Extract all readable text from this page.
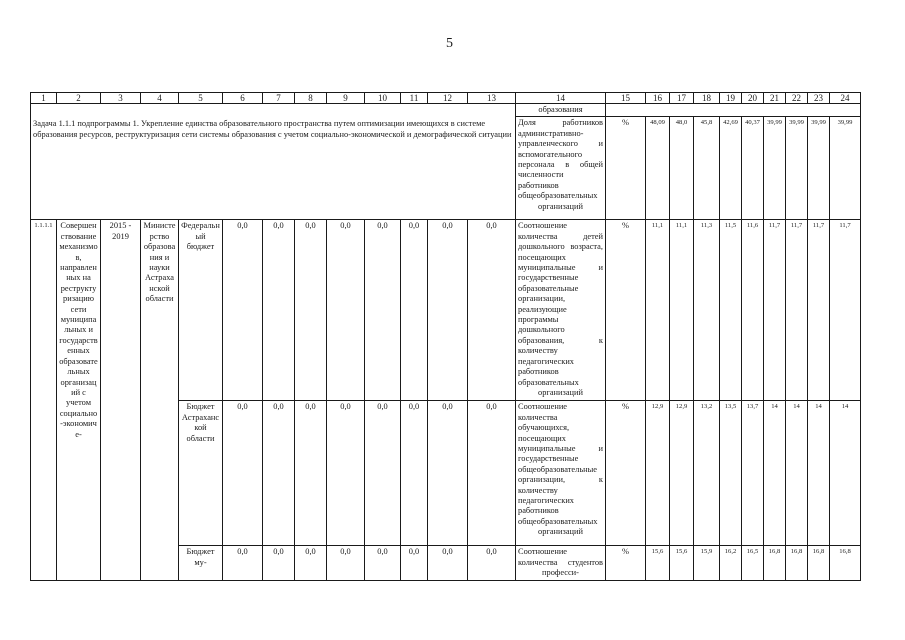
5
1	2	3	4	5	6	7	8	9	10	11	12	13	14	15	16	17	18	19	20	21	22	23	24
Задача 1.1.1 подпрограммы 1. Укрепление единства образовательного пространства путем оптимизации имеющихся в системе образования ресурсов, реструктуризация сети системы образования с учетом социально-экономической и демографической ситуации													образования										
													Доля работников административно-управленческого и вспомогательного персонала в общей численности работников общеобразовательных организаций	%	48,09	48,0	45,8	42,69	40,37	39,99	39,99	39,99	39,99
1.1.1.1	Совершенствование механизмов, направленных на реструктуризацию сети муниципальных и государственных образовательных организаций с учетом социально-экономиче-	2015 - 2019	Министерство образования и науки Астраханской области	Федеральный бюджет	0,0	0,0	0,0	0,0	0,0	0,0	0,0	0,0	Соотношение количества детей дошкольного возраста, посещающих муниципальные и государственные образовательные организации, реализующие программы дошкольного образования, к количеству педагогических работников образовательных организаций	%	11,1	11,1	11,3	11,5	11,6	11,7	11,7	11,7	11,7
				Бюджет Астраханской области	0,0	0,0	0,0	0,0	0,0	0,0	0,0	0,0	Соотношение количества обучающихся, посещающих муниципальные и государственные общеобразовательные организации, к количеству педагогических работников общеобразовательных организаций	%	12,9	12,9	13,2	13,5	13,7	14	14	14	14
				Бюджет му-	0,0	0,0	0,0	0,0	0,0	0,0	0,0	0,0	Соотношение количества студентов професси-	%	15,6	15,6	15,9	16,2	16,5	16,8	16,8	16,8	16,8
